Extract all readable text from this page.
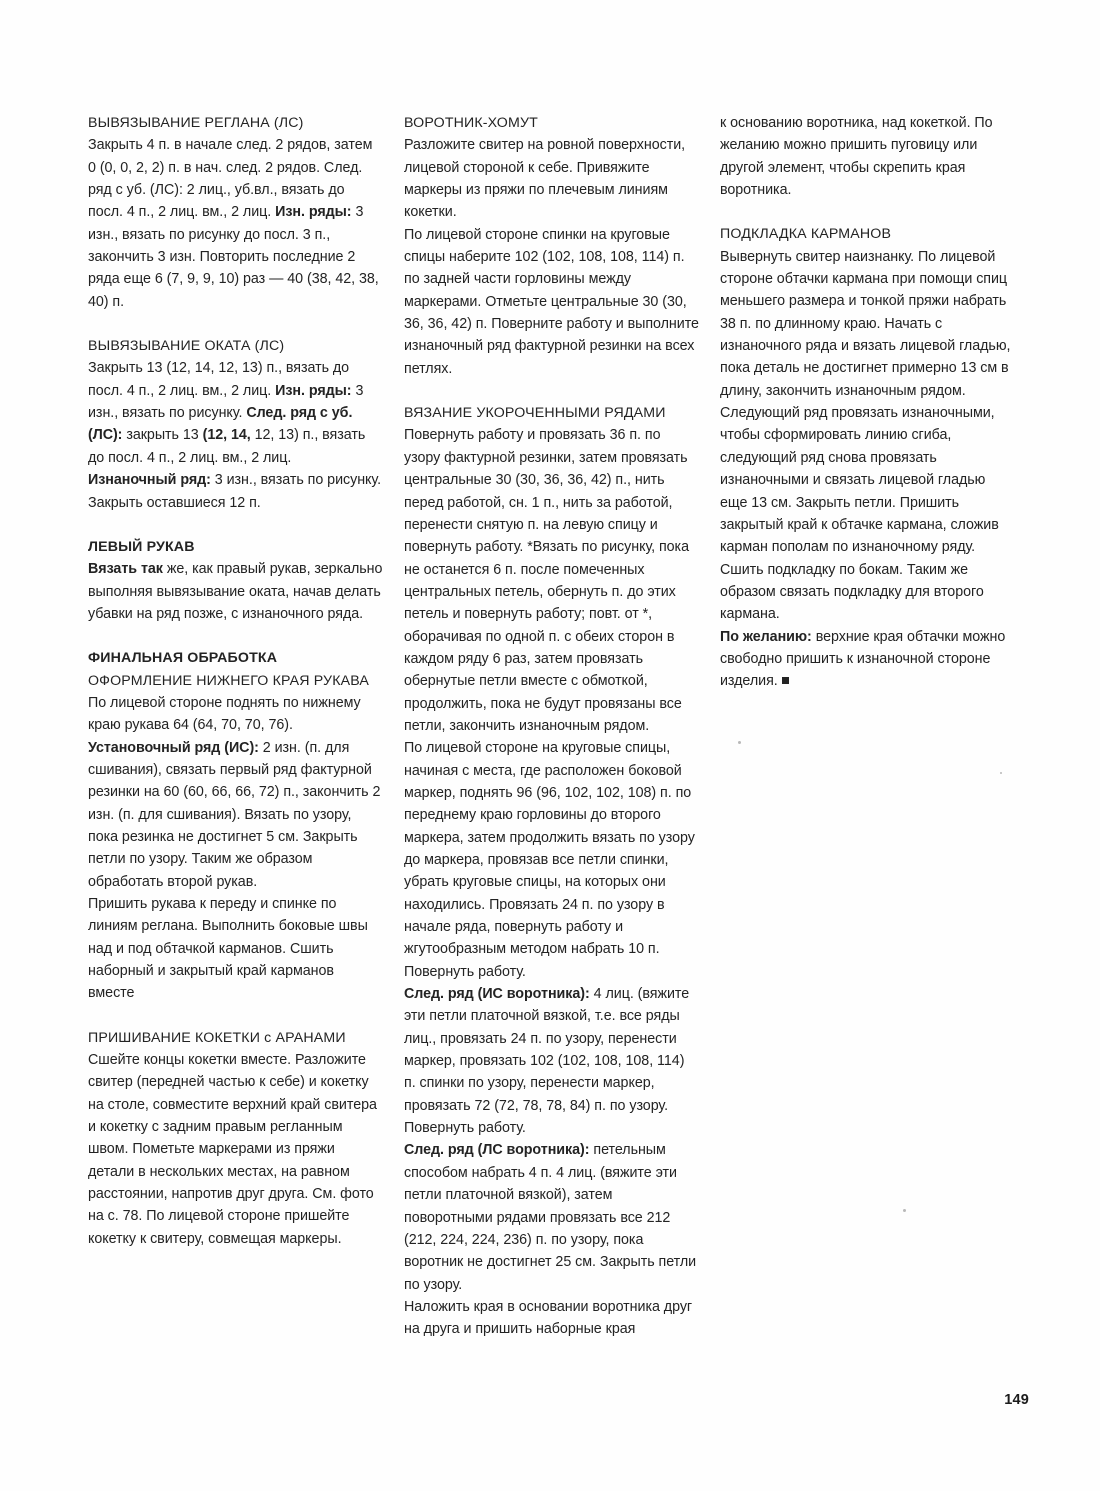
ВЫВЯЗЫВАНИЕ РЕГЛАНА (ЛС)

Закрыть 4 п. в начале след. 2 рядов, затем 0 (0, 0, 2, 2) п. в нач. след. 2 рядов. След. ряд с уб. (ЛС): 2 лиц., уб.вл., вязать до посл. 4 п., 2 лиц. вм., 2 лиц. Изн. ряды: 3 изн., вязать по рисунку до посл. 3 п., закончить 3 изн. Повторить последние 2 ряда еще 6 (7, 9, 9, 10) раз — 40 (38, 42, 38, 40) п.

ВЫВЯЗЫВАНИЕ ОКАТА (ЛС)

Закрыть 13 (12, 14, 12, 13) п., вязать до посл. 4 п., 2 лиц. вм., 2 лиц. Изн. ряды: 3 изн., вязать по рисунку. След. ряд с уб. (ЛС): закрыть 13 (12, 14, 12, 13) п., вязать до посл. 4 п., 2 лиц. вм., 2 лиц. Изнаночный ряд: 3 изн., вязать по рисунку. Закрыть оставшиеся 12 п.

ЛЕВЫЙ РУКАВ

Вязать так же, как правый рукав, зеркально выполняя вывязывание оката, начав делать убавки на ряд позже, с изнаночного ряда.

ФИНАЛЬНАЯ ОБРАБОТКА
ОФОРМЛЕНИЕ НИЖНЕГО КРАЯ РУКАВА

По лицевой стороне поднять по нижнему краю рукава 64 (64, 70, 70, 76). Установочный ряд (ИС): 2 изн. (п. для сшивания), связать первый ряд фактурной резинки на 60 (60, 66, 66, 72) п., закончить 2 изн. (п. для сшивания). Вязать по узору, пока резинка не достигнет 5 см. Закрыть петли по узору. Таким же образом обработать второй рукав.

Пришить рукава к переду и спинке по линиям реглана. Выполнить боковые швы над и под обтачкой карманов. Сшить наборный и закрытый край карманов вместе

ПРИШИВАНИЕ КОКЕТКИ с АРАНАМИ

Сшейте концы кокетки вместе. Разложите свитер (передней частью к себе) и кокетку на столе, совместите верхний край свитера и кокетку с задним правым регланным швом. Пометьте маркерами из пряжи детали в нескольких местах, на равном расстоянии, напротив друг друга. См. фото на с. 78. По лицевой стороне пришейте кокетку к свитеру, совмещая маркеры.

ВОРОТНИК-ХОМУТ

Разложите свитер на ровной поверхности, лицевой стороной к себе. Привяжите маркеры из пряжи по плечевым линиям кокетки.

По лицевой стороне спинки на круговые спицы наберите 102 (102, 108, 108, 114) п. по задней части горловины между маркерами. Отметьте центральные 30 (30, 36, 36, 42) п. Поверните работу и выполните изнаночный ряд фактурной резинки на всех петлях.

ВЯЗАНИЕ УКОРОЧЕННЫМИ РЯДАМИ

Повернуть работу и провязать 36 п. по узору фактурной резинки, затем провязать центральные 30 (30, 36, 36, 42) п., нить перед работой, сн. 1 п., нить за работой, перенести снятую п. на левую спицу и повернуть работу. *Вязать по рисунку, пока не останется 6 п. после помеченных центральных петель, обернуть п. до этих петель и повернуть работу; повт. от *, оборачивая по одной п. с обеих сторон в каждом ряду 6 раз, затем провязать обернутые петли вместе с обмоткой, продолжить, пока не будут провязаны все петли, закончить изнаночным рядом.

По лицевой стороне на круговые спицы, начиная с места, где расположен боковой маркер, поднять 96 (96, 102, 102, 108) п. по переднему краю горловины до второго маркера, затем продолжить вязать по узору до маркера, провязав все петли спинки, убрать круговые спицы, на которых они находились. Провязать 24 п. по узору в начале ряда, повернуть работу и жгутообразным методом набрать 10 п. Повернуть работу.

След. ряд (ИС воротника): 4 лиц. (вяжите эти петли платочной вязкой, т.е. все ряды лиц., провязать 24 п. по узору, перенести маркер, провязать 102 (102, 108, 108, 114) п. спинки по узору, перенести маркер, провязать 72 (72, 78, 78, 84) п. по узору. Повернуть работу.

След. ряд (ЛС воротника): петельным способом набрать 4 п. 4 лиц. (вяжите эти петли платочной вязкой), затем поворотными рядами провязать все 212 (212, 224, 224, 236) п. по узору, пока воротник не достигнет 25 см. Закрыть петли по узору.

Наложить края в основании воротника друг на друга и пришить наборные края

к основанию воротника, над кокеткой. По желанию можно пришить пуговицу или другой элемент, чтобы скрепить края воротника.

ПОДКЛАДКА КАРМАНОВ

Вывернуть свитер наизнанку. По лицевой стороне обтачки кармана при помощи спиц меньшего размера и тонкой пряжи набрать 38 п. по длинному краю. Начать с изнаночного ряда и вязать лицевой гладью, пока деталь не достигнет примерно 13 см в длину, закончить изнаночным рядом. Следующий ряд провязать изнаночными, чтобы сформировать линию сгиба, следующий ряд снова провязать изнаночными и связать лицевой гладью еще 13 см. Закрыть петли. Пришить закрытый край к обтачке кармана, сложив карман пополам по изнаночному ряду. Сшить подкладку по бокам. Таким же образом связать подкладку для второго кармана.

По желанию: верхние края обтачки можно свободно пришить к изнаночной стороне изделия.

149
